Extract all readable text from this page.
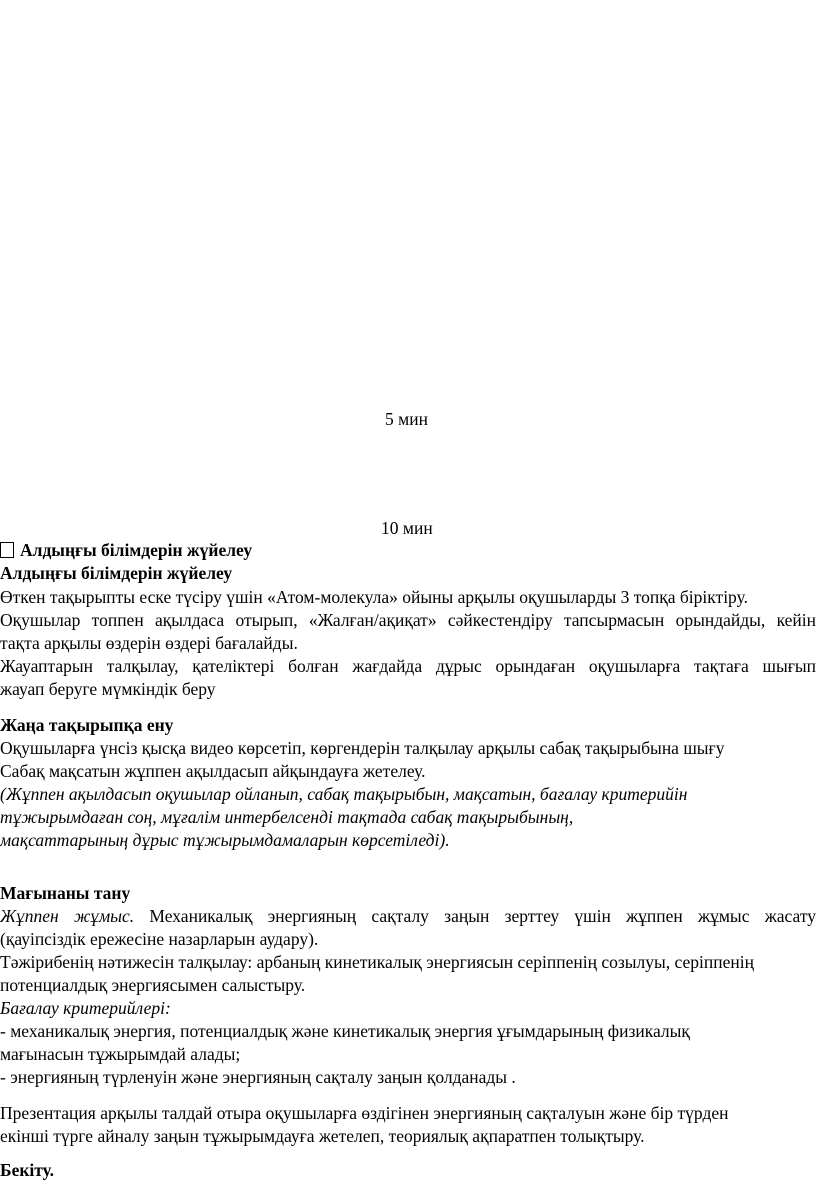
5 мин
10 мин
Алдыңғы білімдерін жүйелеу
Алдыңғы білімдерін жүйелеу
Өткен тақырыпты еске түсіру үшін «Атом-молекула» ойыны арқылы оқушыларды 3 топқа біріктіру.
Оқушылар топпен ақылдаса отырып, «Жалған/ақиқат» сәйкестендіру тапсырмасын орындайды, кейін
тақта арқылы өздерін өздері бағалайды.
Жауаптарын талқылау, қателіктері болған жағдайда дұрыс орындаған оқушыларға тақтаға шығып
жауап беруге мүмкіндік беру
Жаңа тақырыпқа ену
Оқушыларға үнсіз қысқа видео көрсетіп, көргендерін талқылау арқылы сабақ тақырыбына шығу
Сабақ мақсатын жұппен ақылдасып айқындауға жетелеу.
(Жұппен ақылдасып оқушылар ойланып, сабақ тақырыбын, мақсатын, бағалау критерийін
тұжырымдаған соң, мұғалім интербелсенді тақтада сабақ тақырыбының,
мақсаттарының дұрыс тұжырымдамаларын көрсетіледі).
Мағынаны тану
Жұппен жұмыс. Механикалық энергияның сақталу заңын зерттеу үшін жұппен жұмыс жасату
(қауіпсіздік ережесіне назарларын аудару).
Тәжірибенің нәтижесін талқылау: арбаның кинетикалық энергиясын серіппенің созылуы, серіппенің
потенциалдық энергиясымен салыстыру.
Бағалау критерийлері:
- механикалық энергия, потенциалдық және кинетикалық энергия ұғымдарының физикалық
мағынасын тұжырымдай алады;
- энергияның түрленуін және энергияның сақталу заңын қолданады .
Презентация арқылы талдай отыра оқушыларға өздігінен энергияның сақталуын және бір түрден
екінші түрге айналу заңын тұжырымдауға жетелеп, теориялық ақпаратпен толықтыру.
Бекіту.
